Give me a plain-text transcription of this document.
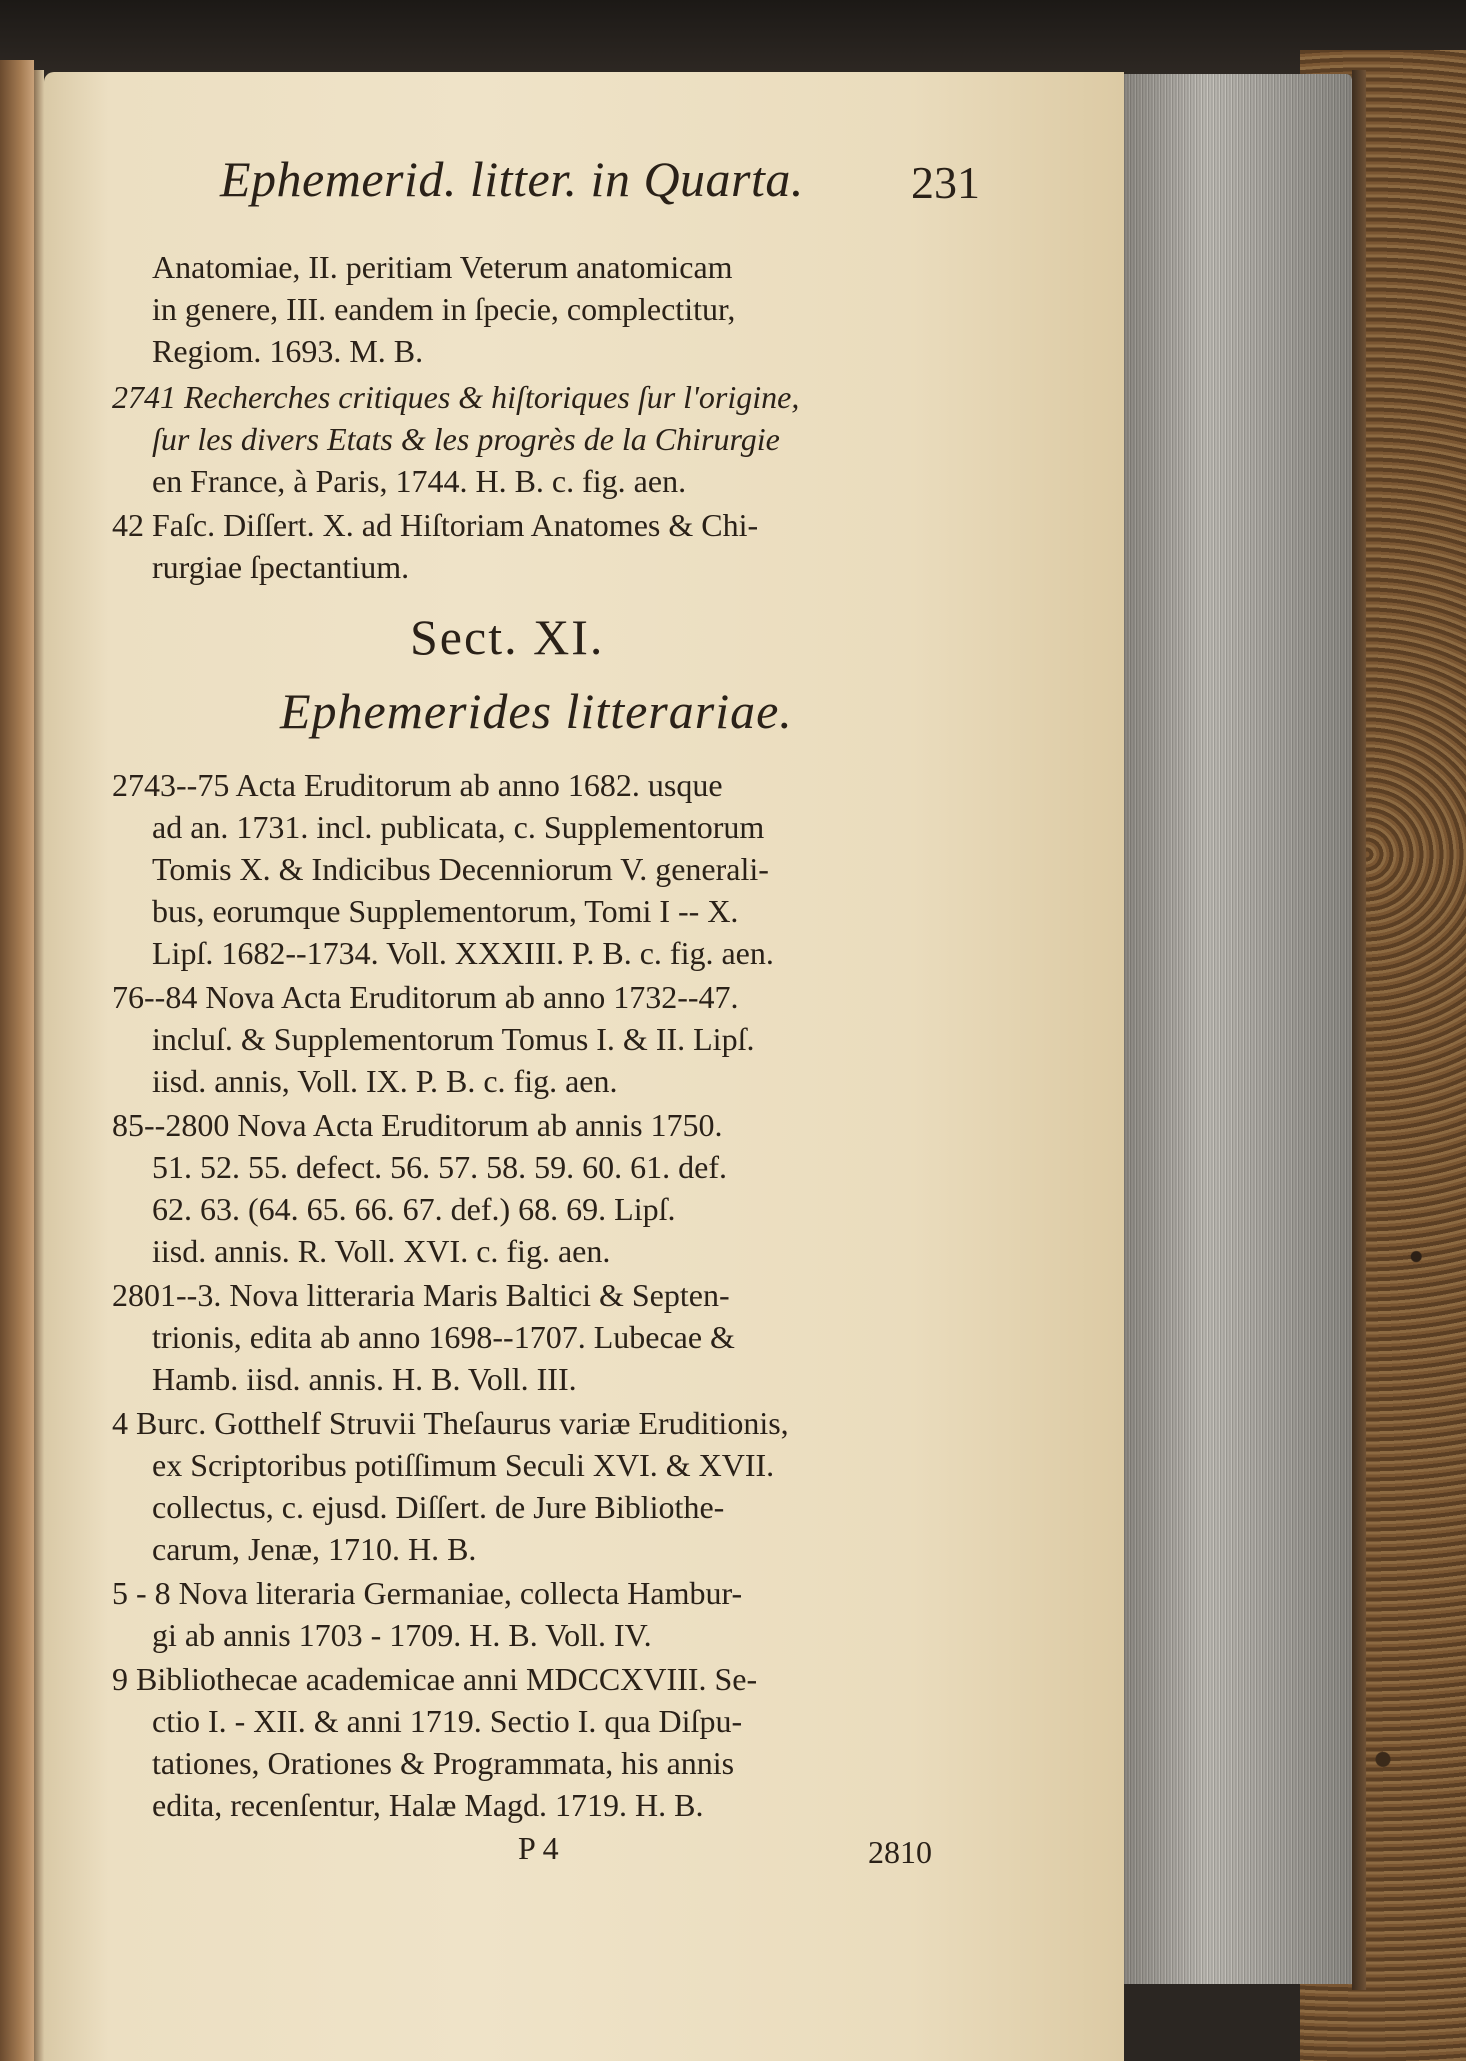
Ephemerid. litter. in Quarta. 231
Anatomiae, II. peritiam Veterum anatomicam
in genere, III. eandem in ſpecie, complectitur,
Regiom. 1693. M. B.
2741 Recherches critiques & hiſtoriques ſur l'origine,
ſur les divers Etats & les progrès de la Chirurgie
en France, à Paris, 1744. H. B. c. fig. aen.
42 Faſc. Diſſert. X. ad Hiſtoriam Anatomes & Chi-
rurgiae ſpectantium.
Sect. XI.
Ephemerides litterariae.
2743--75 Acta Eruditorum ab anno 1682. usque
ad an. 1731. incl. publicata, c. Supplementorum
Tomis X. & Indicibus Decenniorum V. generali-
bus, eorumque Supplementorum, Tomi I -- X.
Lipſ. 1682--1734. Voll. XXXIII. P. B. c. fig. aen.
76--84 Nova Acta Eruditorum ab anno 1732--47.
incluſ. & Supplementorum Tomus I. & II. Lipſ.
iisd. annis, Voll. IX. P. B. c. fig. aen.
85--2800 Nova Acta Eruditorum ab annis 1750.
51. 52. 55. defect. 56. 57. 58. 59. 60. 61. def.
62. 63. (64. 65. 66. 67. def.) 68. 69. Lipſ.
iisd. annis. R. Voll. XVI. c. fig. aen.
2801--3. Nova litteraria Maris Baltici & Septen-
trionis, edita ab anno 1698--1707. Lubecae &
Hamb. iisd. annis. H. B. Voll. III.
4 Burc. Gotthelf Struvii Theſaurus variæ Eruditionis,
ex Scriptoribus potiſſimum Seculi XVI. & XVII.
collectus, c. ejusd. Diſſert. de Jure Bibliothe-
carum, Jenæ, 1710. H. B.
5 - 8 Nova literaria Germaniae, collecta Hambur-
gi ab annis 1703 - 1709. H. B. Voll. IV.
9 Bibliothecae academicae anni MDCCXVIII. Se-
ctio I. - XII. & anni 1719. Sectio I. qua Diſpu-
tationes, Orationes & Programmata, his annis
edita, recenſentur, Halæ Magd. 1719. H. B.
P 4	2810
